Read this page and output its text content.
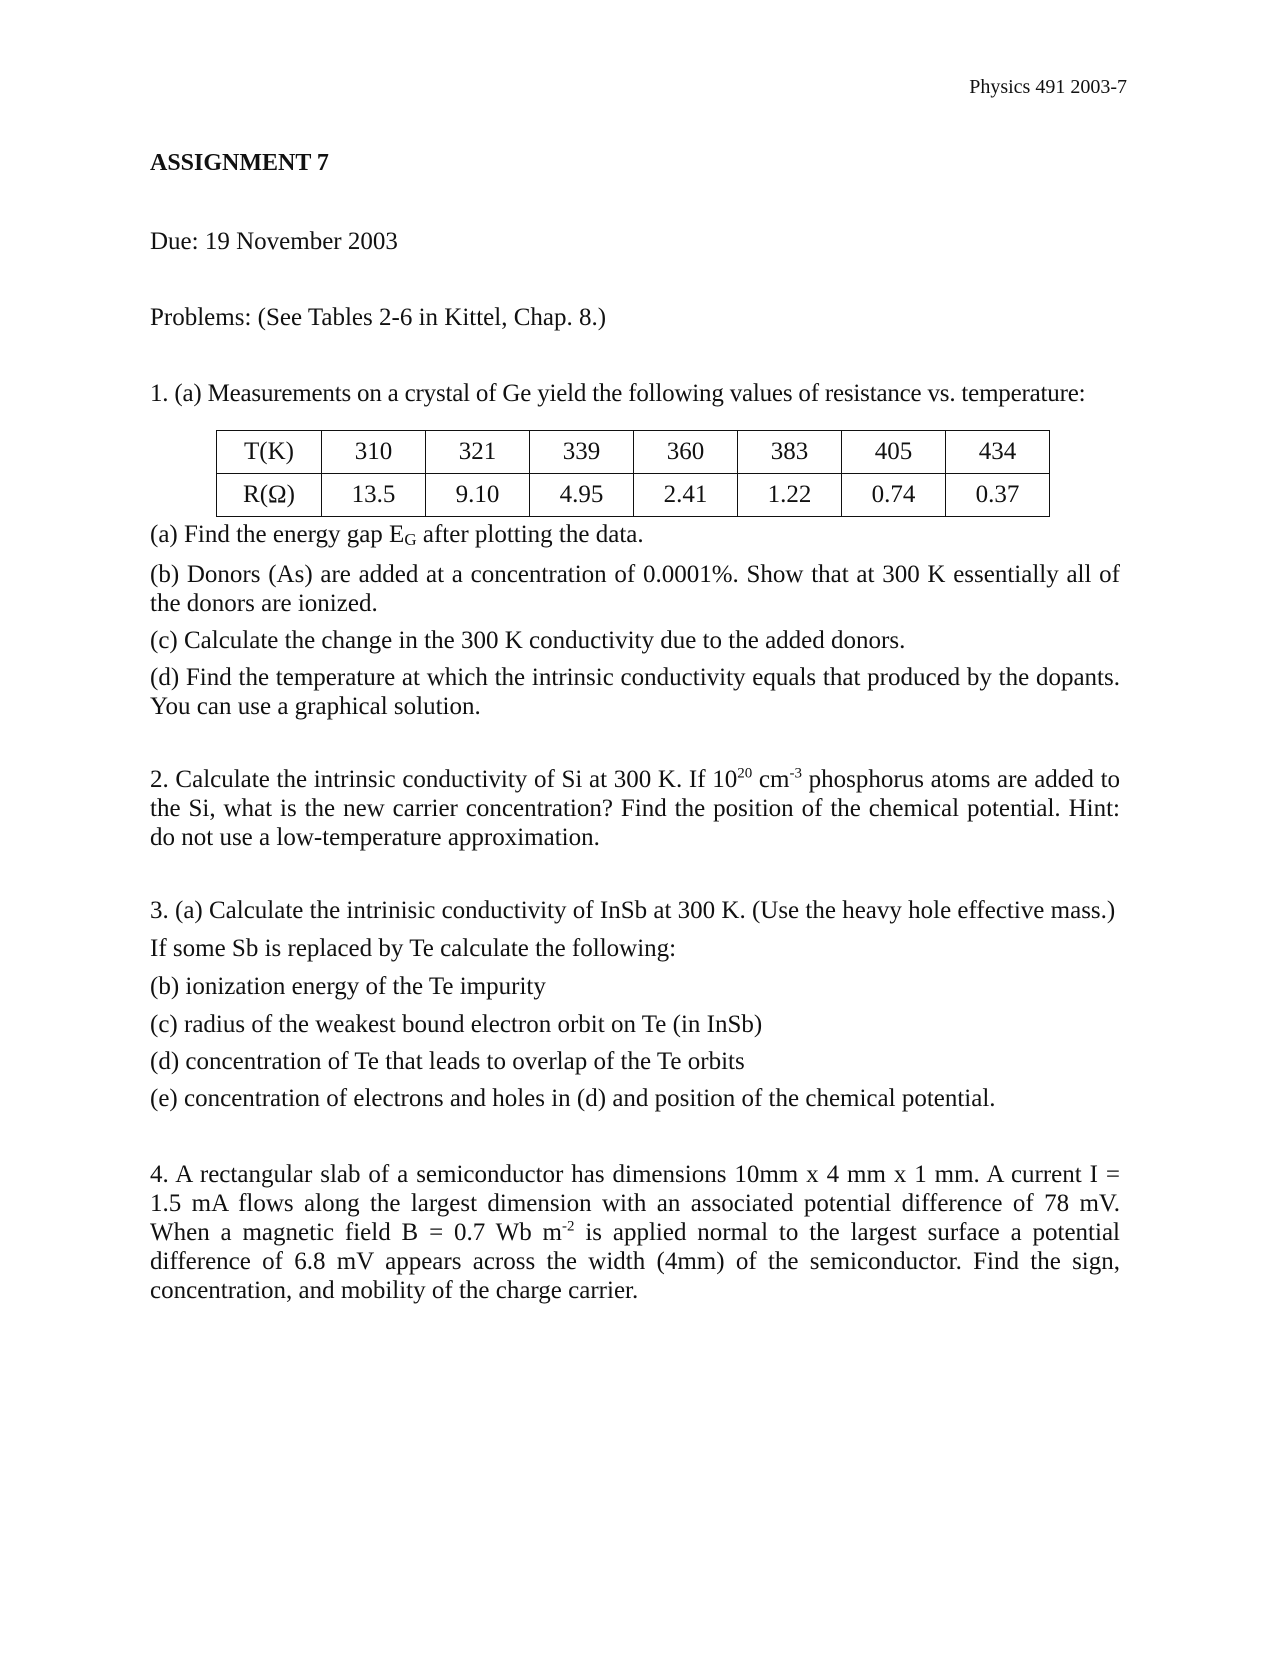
Physics 491 2003-7
ASSIGNMENT 7
Due: 19 November 2003
Problems: (See Tables 2-6 in Kittel, Chap. 8.)
1. (a) Measurements on a crystal of Ge yield the following values of resistance vs. temperature:
T(K)	310	321	339	360	383	405	434
R(Ω)	13.5	9.10	4.95	2.41	1.22	0.74	0.37
(a) Find the energy gap $E_G$ after plotting the data.
(b) Donors (As) are added at a concentration of 0.0001%. Show that at 300 K essentially all of the donors are ionized.
(c) Calculate the change in the 300 K conductivity due to the added donors.
(d) Find the temperature at which the intrinsic conductivity equals that produced by the dopants. You can use a graphical solution.
2. Calculate the intrinsic conductivity of Si at 300 K. If $10^{20}$ $cm^{-3}$ phosphorus atoms are added to the Si, what is the new carrier concentration? Find the position of the chemical potential. Hint: do not use a low-temperature approximation.
3. (a) Calculate the intrinisic conductivity of InSb at 300 K. (Use the heavy hole effective mass.)
If some Sb is replaced by Te calculate the following:
(b) ionization energy of the Te impurity
(c) radius of the weakest bound electron orbit on Te (in InSb)
(d) concentration of Te that leads to overlap of the Te orbits
(e) concentration of electrons and holes in (d) and position of the chemical potential.
4. A rectangular slab of a semiconductor has dimensions 10mm x 4 mm x 1 mm. A current I = 1.5 mA flows along the largest dimension with an associated potential difference of 78 mV. When a magnetic field B = 0.7 Wb $m^{-2}$ is applied normal to the largest surface a potential difference of 6.8 mV appears across the width (4mm) of the semiconductor. Find the sign, concentration, and mobility of the charge carrier.
